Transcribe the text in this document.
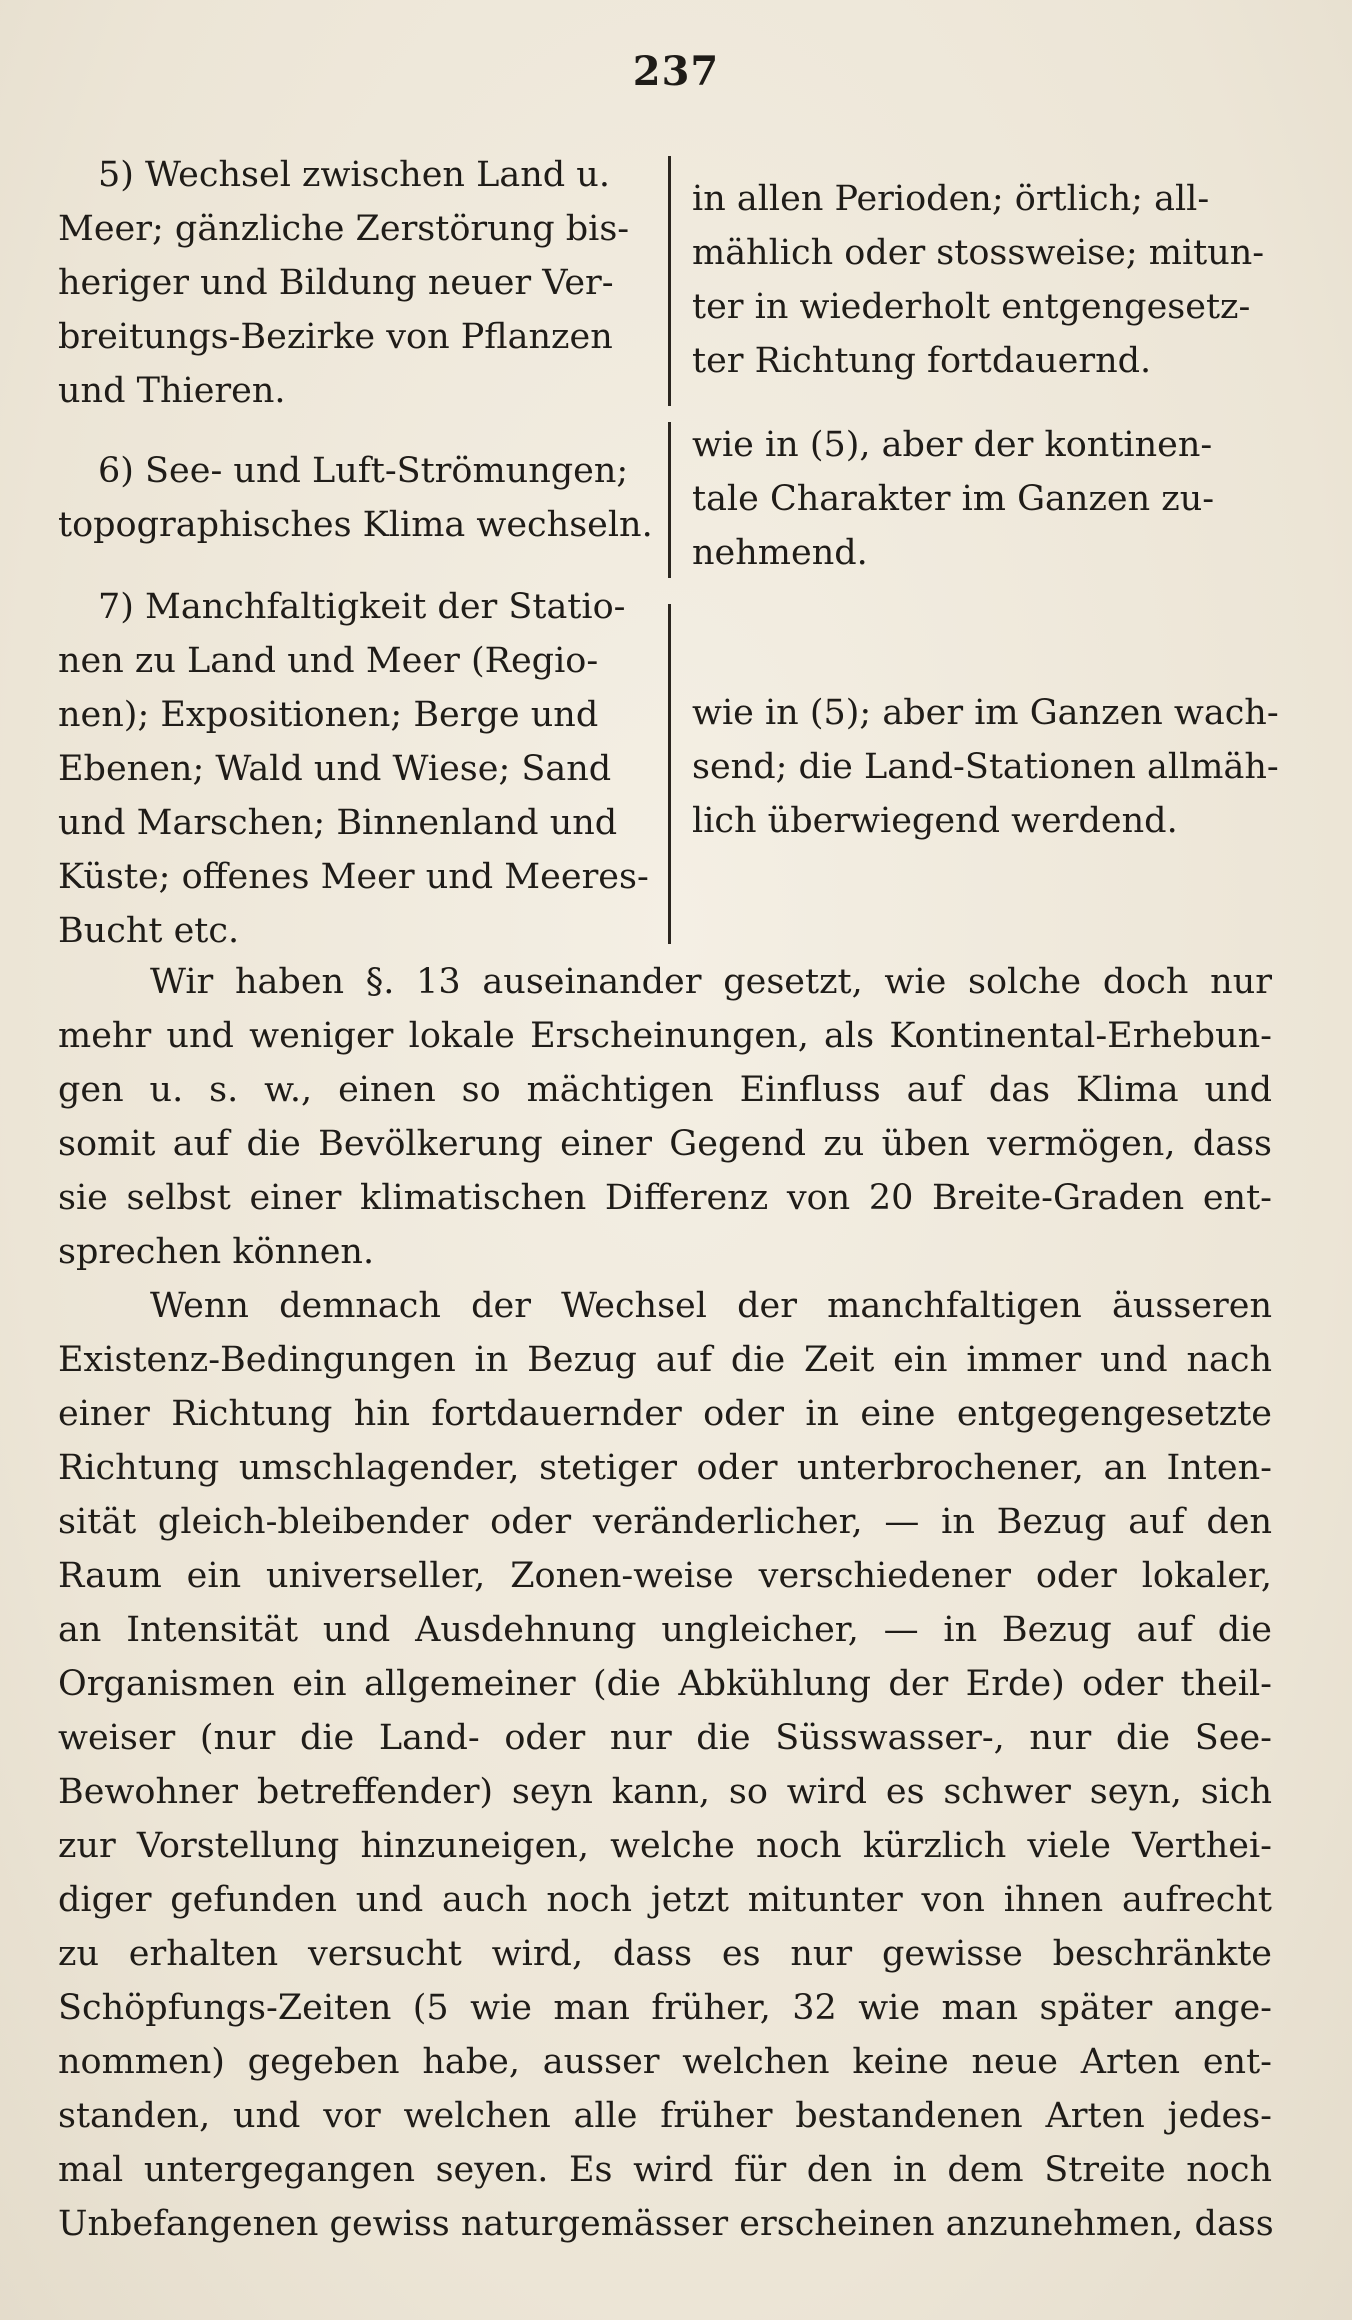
237
5) Wechsel zwischen Land u.
Meer; gänzliche Zerstörung bis-
heriger und Bildung neuer Ver-
breitungs-Bezirke von Pflanzen
und Thieren.
in allen Perioden; örtlich; all-
mählich oder stossweise; mitun-
ter in wiederholt entgengesetz-
ter Richtung fortdauernd.
6) See- und Luft-Strömungen;
topographisches Klima wechseln.
wie in (5), aber der kontinen-
tale Charakter im Ganzen zu-
nehmend.
7) Manchfaltigkeit der Statio-
nen zu Land und Meer (Regio-
nen); Expositionen; Berge und
Ebenen; Wald und Wiese; Sand
und Marschen; Binnenland und
Küste; offenes Meer und Meeres-
Bucht etc.
wie in (5); aber im Ganzen wach-
send; die Land-Stationen allmäh-
lich überwiegend werdend.

Wir haben §. 13 auseinander gesetzt, wie solche doch nur
mehr und weniger lokale Erscheinungen, als Kontinental-Erhebun-
gen u. s. w., einen so mächtigen Einfluss auf das Klima und
somit auf die Bevölkerung einer Gegend zu üben vermögen, dass
sie selbst einer klimatischen Differenz von 20 Breite-Graden ent-
sprechen können.

Wenn demnach der Wechsel der manchfaltigen äusseren
Existenz-Bedingungen in Bezug auf die Zeit ein immer und nach
einer Richtung hin fortdauernder oder in eine entgegengesetzte
Richtung umschlagender, stetiger oder unterbrochener, an Inten-
sität gleich-bleibender oder veränderlicher, — in Bezug auf den
Raum ein universeller, Zonen-weise verschiedener oder lokaler,
an Intensität und Ausdehnung ungleicher, — in Bezug auf die
Organismen ein allgemeiner (die Abkühlung der Erde) oder theil-
weiser (nur die Land- oder nur die Süsswasser-, nur die See-
Bewohner betreffender) seyn kann, so wird es schwer seyn, sich
zur Vorstellung hinzuneigen, welche noch kürzlich viele Verthei-
diger gefunden und auch noch jetzt mitunter von ihnen aufrecht
zu erhalten versucht wird, dass es nur gewisse beschränkte
Schöpfungs-Zeiten (5 wie man früher, 32 wie man später ange-
nommen) gegeben habe, ausser welchen keine neue Arten ent-
standen, und vor welchen alle früher bestandenen Arten jedes-
mal untergegangen seyen. Es wird für den in dem Streite noch
Unbefangenen gewiss naturgemässer erscheinen anzunehmen, dass
